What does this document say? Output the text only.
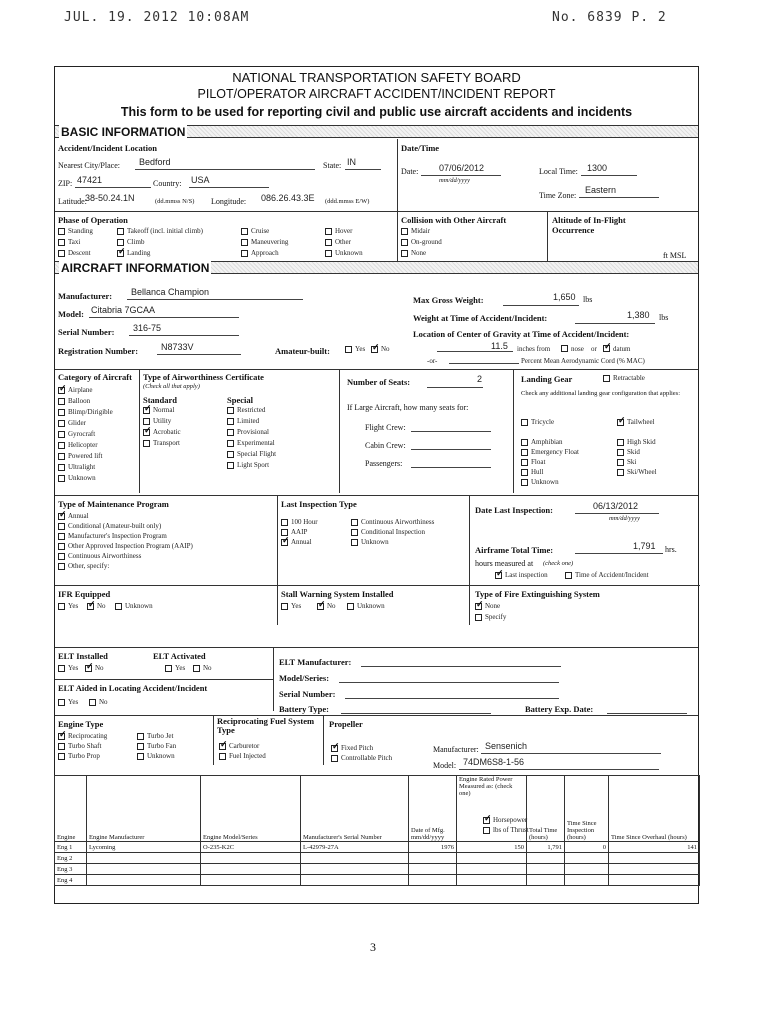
JUL. 19. 2012 10:08AM	No. 6839 P. 2
NATIONAL TRANSPORTATION SAFETY BOARD
PILOT/OPERATOR AIRCRAFT ACCIDENT/INCIDENT REPORT
This form to be used for reporting civil and public use aircraft accidents and incidents
BASIC INFORMATION
Accident/Incident Location
Nearest City/Place: Bedford	State: IN
ZIP: 47421	Country: USA
Latitude:
38-50.24.1N	(dd.mmss N/S) Longitude: 086.26.43.3E (ddd.mmss E/W)
Date/Time
Date: 07/06/2012
mm/dd/yyyy
Local Time: 1300
Time Zone:
Eastern
Phase of Operation
Standing
Taxi
Descent
Takeoff (incl. initial climb)
Climb
✓
Landing
Cruise
Maneuvering
Approach
Hover
Other
Unknown
Collision with Other Aircraft
Midair
On-ground
None
Altitude of In-Flight Occurrence
ft MSL
AIRCRAFT INFORMATION
Manufacturer: Bellanca Champion
Model: Citabria 7GCAA
Serial Number: 316-75
Registration Number:	N8733V	Amateur-built:	Yes ✓ No
Max Gross Weight:	1,650 lbs
Weight at Time of Accident/Incident:	1,380 lbs
Location of Center of Gravity at Time of Accident/Incident:
11.5 inches from	nose or ✓ datum
-or-	Percent Mean Aerodynamic Cord (% MAC)
Category of Aircraft Type of Airworthiness Certificate
(Check all that apply)
Standard	Special
✓
Normal
Utility
✓
Acrobatic
Transport
Restricted
Limited
Provisional
Experimental
Special Flight
Light Sport
Number of Seats:	2
If Large Aircraft, how many seats for:
Flight Crew:
Cabin Crew:
Passengers:
Landing Gear	Retractable
Check any additional landing gear configuration that applies:
Tricycle ✓	Tailwheel
Amphibian	High Skid
Emergency Float	Skid
Float	Ski
Hull	Ski/Wheel
Unknown
Type of Maintenance Program
✓
Annual
Conditional (Amateur-built only)
Manufacturer's Inspection Program
Other Approved Inspection Program (AAIP)
Continuous Airworthiness
Other, specify:
Last Inspection Type
100 Hour
AAIP
✓
Annual
Continuous Airworthiness
Conditional Inspection
Unknown
Date Last Inspection:	06/13/2012
mm/dd/yyyy
Airframe Total Time:	1,791 hrs.
hours measured at (check one)
✓
Last inspection	Time of Accident/Incident
IFR Equipped
Yes ✓	No	Unknown
Stall Warning System Installed
Yes ✓	No	Unknown
Type of Fire Extinguishing System
✓
None
Specify
ELT Installed
Yes ✓ No
ELT Activated
Yes	No
ELT Aided in Locating Accident/Incident
Yes	No
ELT Manufacturer:
Model/Series:
Serial Number:
Battery Type:	Battery Exp. Date:
Engine Type
✓
Reciprocating
Turbo Shaft
Turbo Prop
Turbo Jet
Turbo Fan
Unknown
Reciprocating Fuel System Type
✓
Carburetor
Fuel Injected
Propeller
✓
Fixed Pitch
Controllable Pitch
Manufacturer: Sensenich
Model: 74DM6S8-1-56
Engine	Engine Manufacturer	Engine Model/Series	Manufacturer's Serial Number	Date of Mfg. mm/dd/yyyy	Engine Rated Power Measured as: (check one)	Total Time (hours)	Time Since Inspection (hours)	Time Since Overhaul (hours)
Eng 1	Lycoming	O-235-K2C	L-42979-27A	1976	150	1,791	0	141
Eng 2								
Eng 3								
Eng 4								
✓
Horsepower
lbs of Thrust
✓
Airplane
Balloon
Blimp/Dirigible
Glider
Gyrocraft
Helicopter
Powered lift
Ultralight
Unknown
3
